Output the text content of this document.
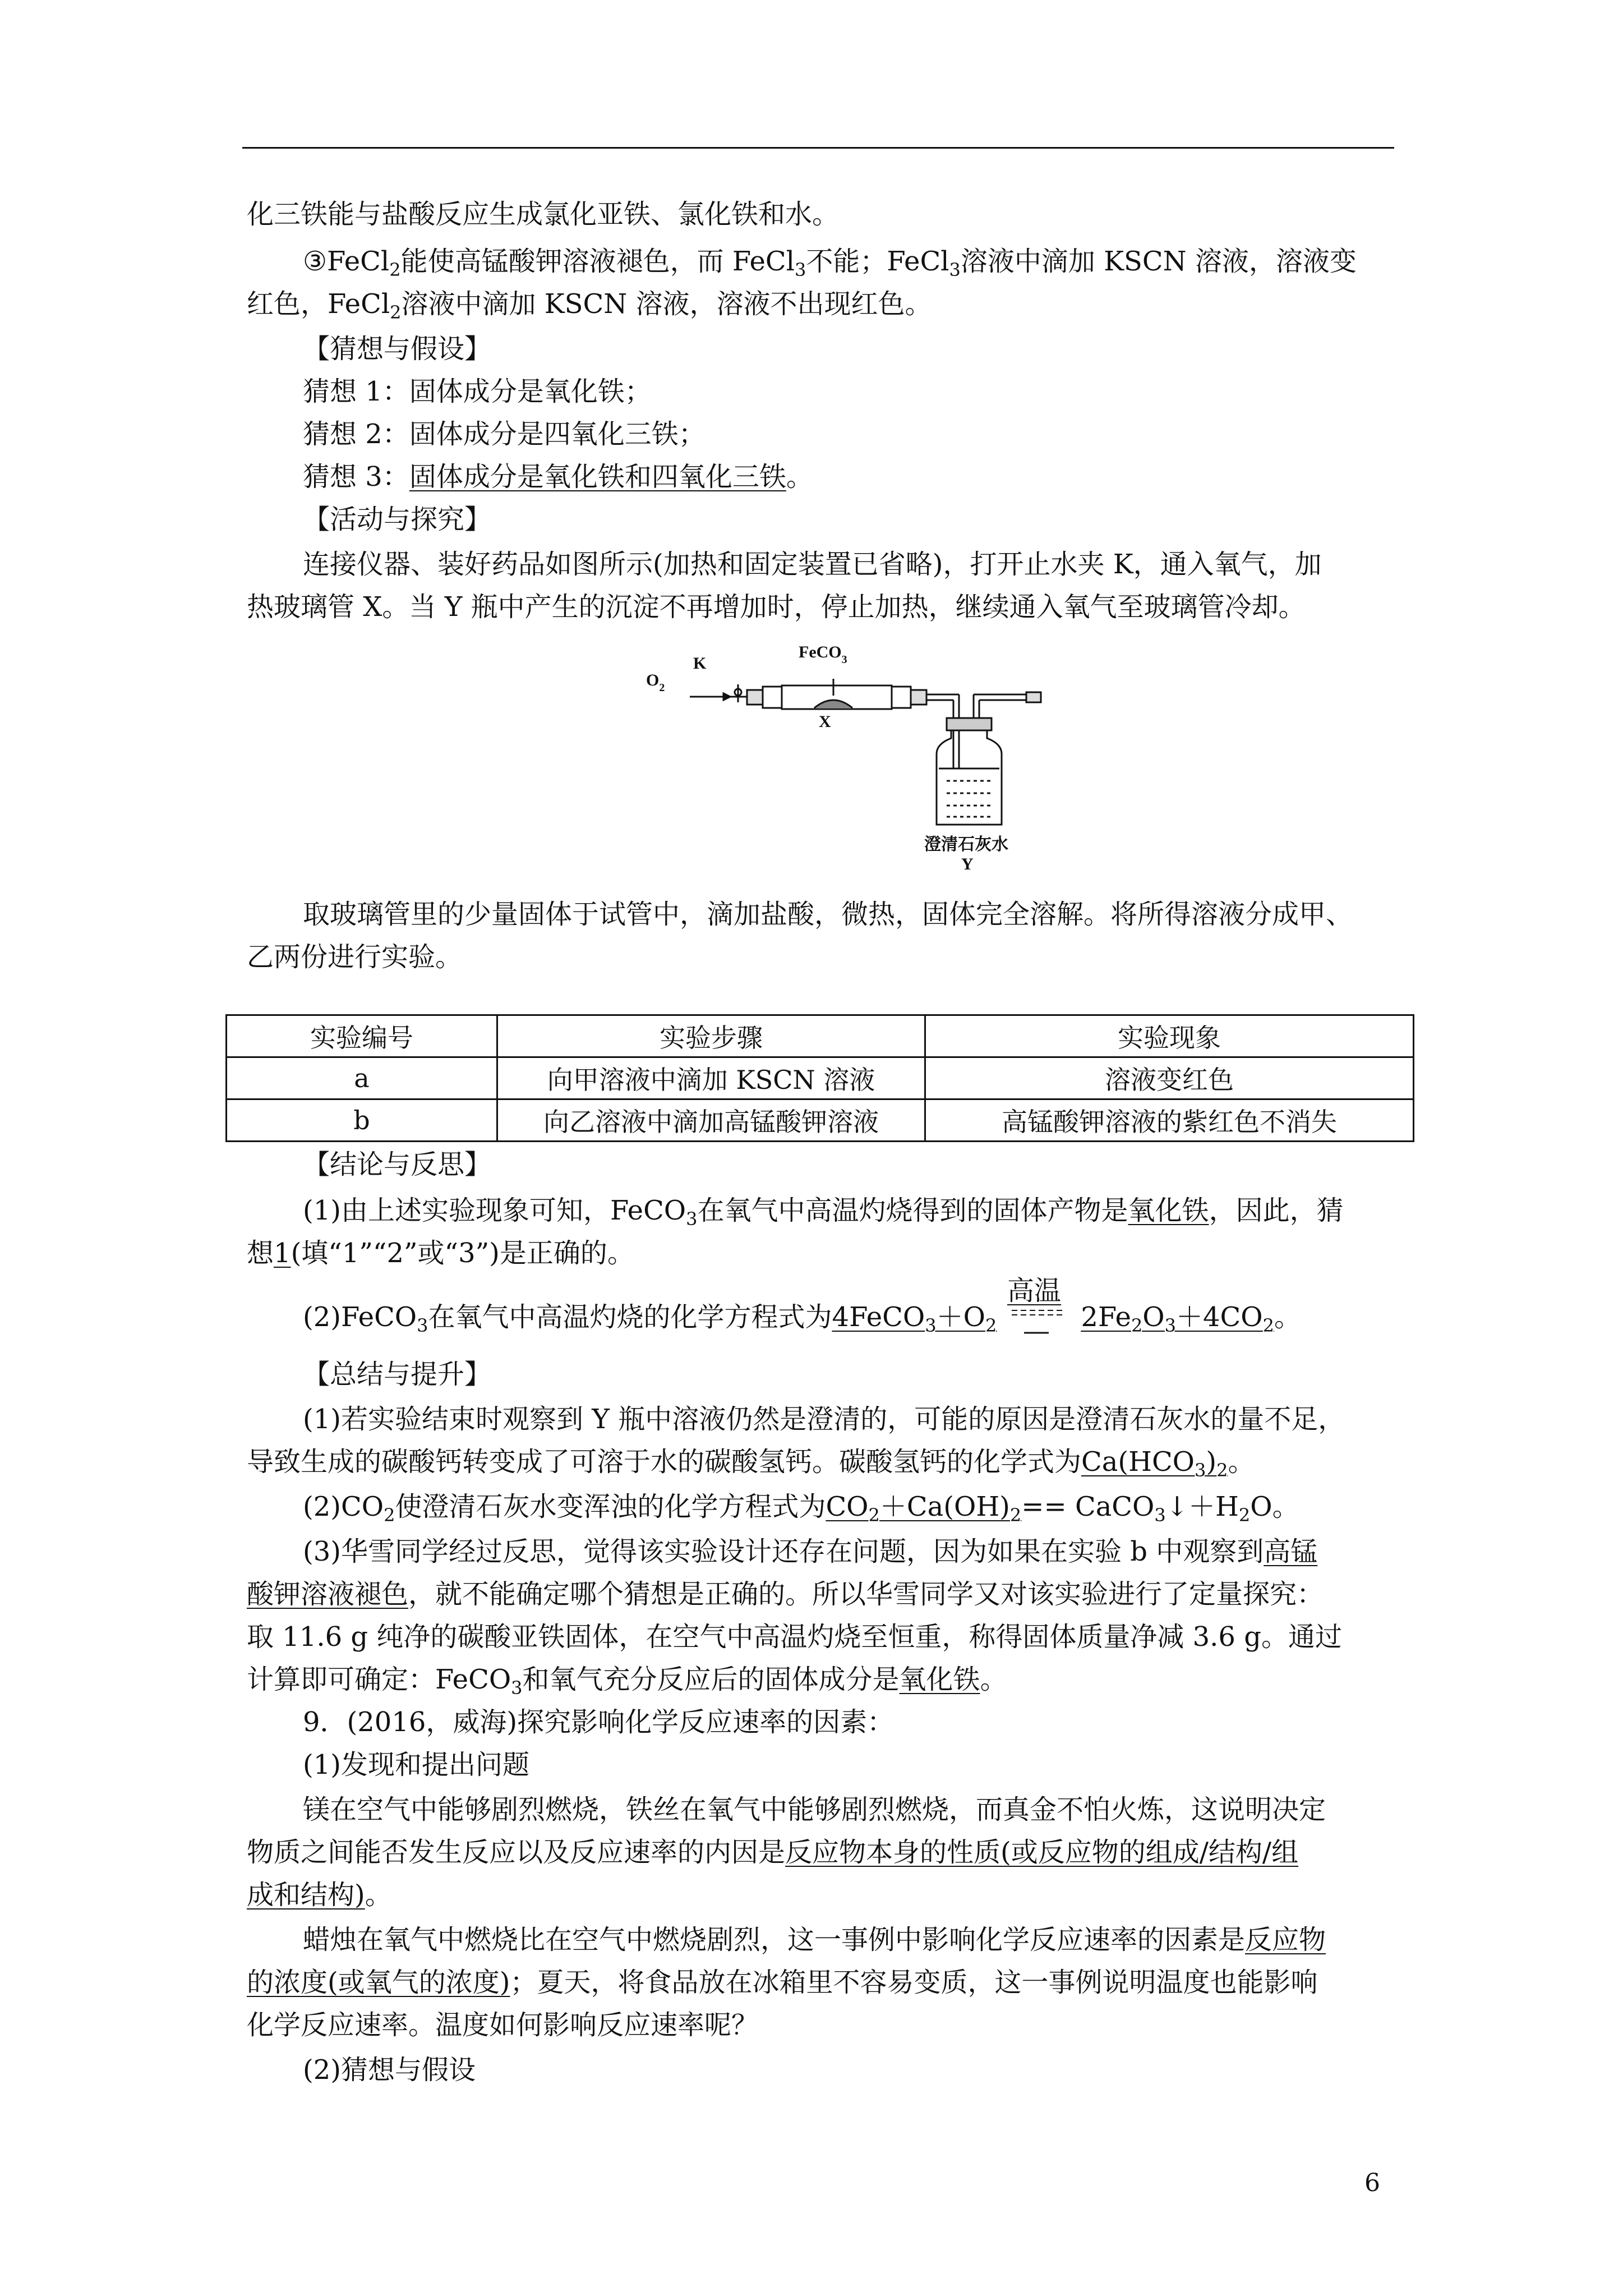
化三铁能与盐酸反应生成氯化亚铁、氯化铁和水。
③FeCl$_2$能使高锰酸钾溶液褪色，而 FeCl$_3$不能；FeCl$_3$溶液中滴加 KSCN 溶液，溶液变
红色，FeCl$_2$溶液中滴加 KSCN 溶液，溶液不出现红色。
【猜想与假设】
猜想 1：固体成分是氧化铁；
猜想 2：固体成分是四氧化三铁；
猜想 3：固体成分是氧化铁和四氧化三铁。
【活动与探究】
连接仪器、装好药品如图所示(加热和固定装置已省略)，打开止水夹 K，通入氧气，加
热玻璃管 X。当 Y 瓶中产生的沉淀不再增加时，停止加热，继续通入氧气至玻璃管冷却。
$O_2$
K
FeCO$_3$
X
澄清石灰水
Y
取玻璃管里的少量固体于试管中，滴加盐酸，微热，固体完全溶解。将所得溶液分成甲、
乙两份进行实验。
实验编号	实验步骤	实验现象
a	向甲溶液中滴加 KSCN 溶液	溶液变红色
b	向乙溶液中滴加高锰酸钾溶液	高锰酸钾溶液的紫红色不消失
【结论与反思】
(1)由上述实验现象可知，FeCO$_3$在氧气中高温灼烧得到的固体产物是氧化铁，因此，猜
想1(填“1”“2”或“3”)是正确的。
(2)FeCO$_3$在氧气中高温灼烧的化学方程式为$4FeCO_3+O_2$	$2Fe_2O_3+4CO_2$。
高温
【总结与提升】
(1)若实验结束时观察到 Y 瓶中溶液仍然是澄清的，可能的原因是澄清石灰水的量不足，
导致生成的碳酸钙转变成了可溶于水的碳酸氢钙。碳酸氢钙的化学式为$Ca(HCO_3)_2$。
$(2)CO_2$使澄清石灰水变浑浊的化学方程式为$CO_2+Ca(OH)_2==$ $CaCO_3↓+H_2O$。
(3)华雪同学经过反思，觉得该实验设计还存在问题，因为如果在实验 b 中观察到高锰
酸钾溶液褪色，就不能确定哪个猜想是正确的。所以华雪同学又对该实验进行了定量探究：
取 11.6 g 纯净的碳酸亚铁固体，在空气中高温灼烧至恒重，称得固体质量净减 3.6 g。通过
计算即可确定：FeCO$_3$和氧气充分反应后的固体成分是氧化铁。
9．(2016，威海)探究影响化学反应速率的因素：
(1)发现和提出问题
镁在空气中能够剧烈燃烧，铁丝在氧气中能够剧烈燃烧，而真金不怕火炼，这说明决定
物质之间能否发生反应以及反应速率的内因是反应物本身的性质(或反应物的组成/结构/组
成和结构)。
蜡烛在氧气中燃烧比在空气中燃烧剧烈，这一事例中影响化学反应速率的因素是反应物
的浓度(或氧气的浓度)；夏天，将食品放在冰箱里不容易变质，这一事例说明温度也能影响
化学反应速率。温度如何影响反应速率呢？
(2)猜想与假设
6
